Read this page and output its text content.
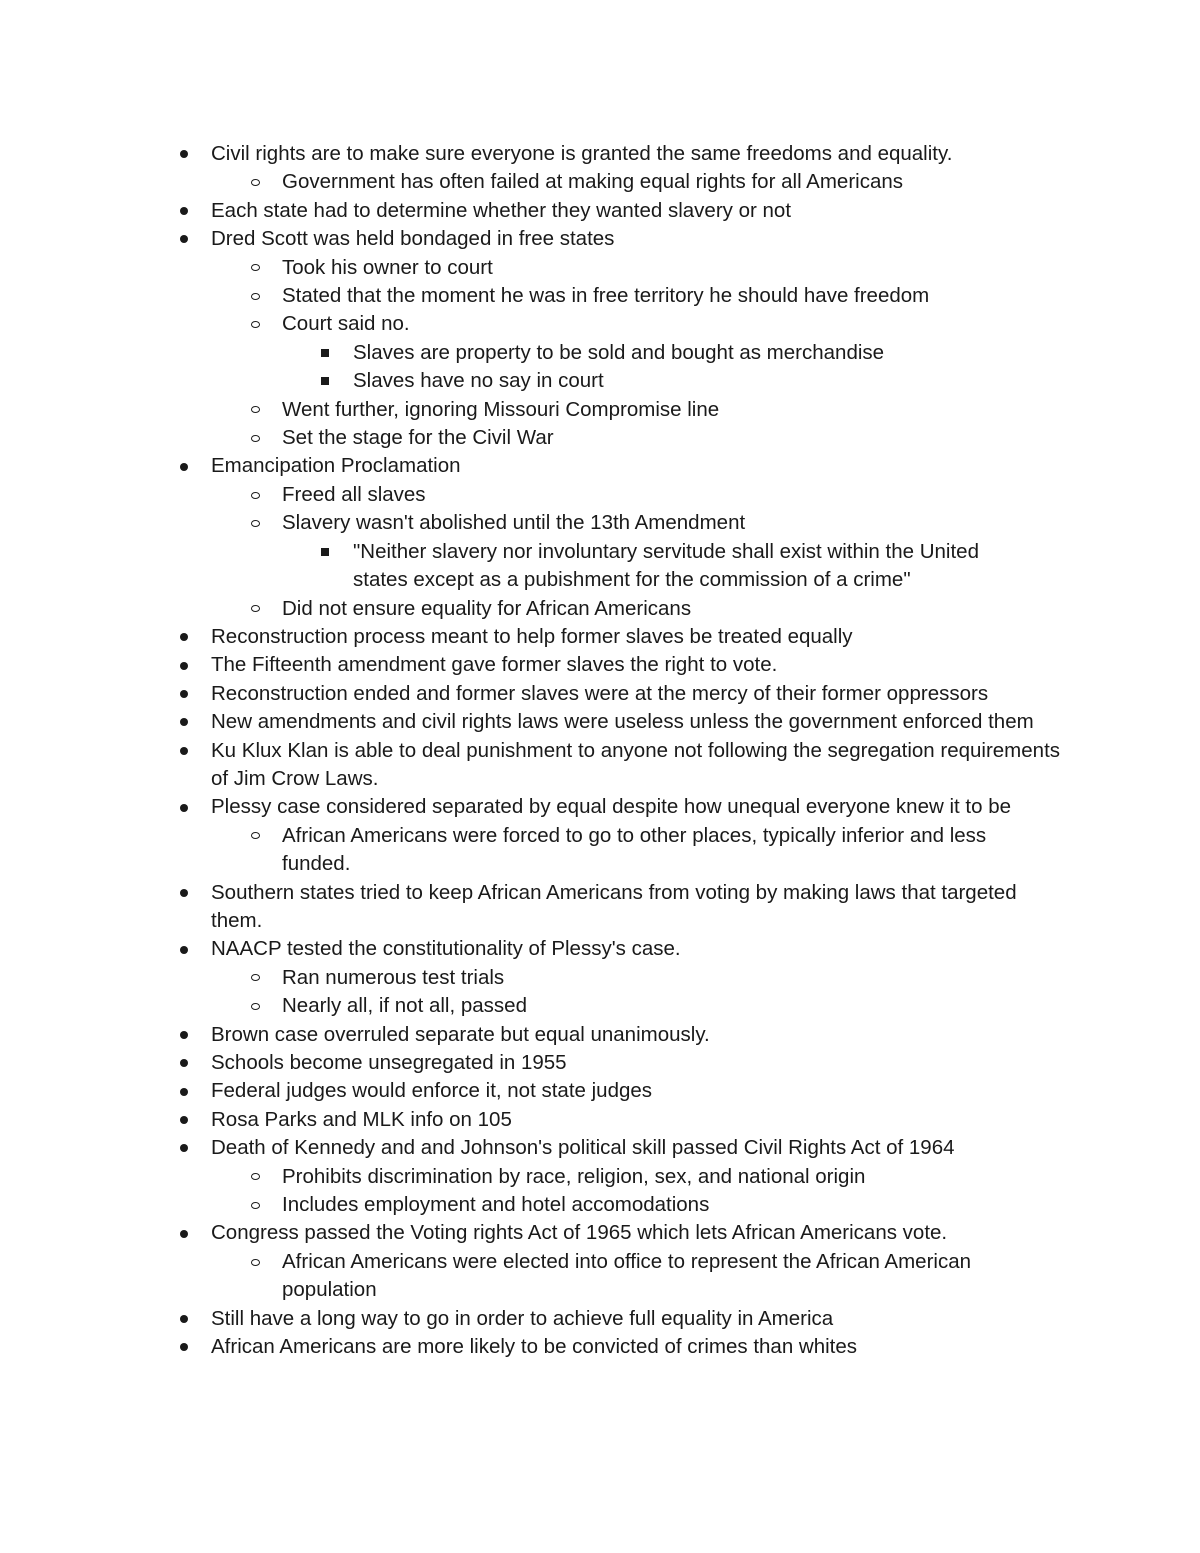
Civil rights are to make sure everyone is granted the same freedoms and equality.
Government has often failed at making equal rights for all Americans
Each state had to determine whether they wanted slavery or not
Dred Scott was held bondaged in free states
Took his owner to court
Stated that the moment he was in free territory he should have freedom
Court said no.
Slaves are property to be sold and bought as merchandise
Slaves have no say in court
Went further, ignoring Missouri Compromise line
Set the stage for the Civil War
Emancipation Proclamation
Freed all slaves
Slavery wasn't abolished until the 13th Amendment
"Neither slavery nor involuntary servitude shall exist within the United states except as a pubishment for the commission of a crime"
Did not ensure equality for African Americans
Reconstruction process meant to help former slaves be treated equally
The Fifteenth amendment gave former slaves the right to vote.
Reconstruction ended and former slaves were at the mercy of their former oppressors
New amendments and civil rights laws were useless unless the government enforced them
Ku Klux Klan is able to deal punishment to anyone not following the segregation requirements of Jim Crow Laws.
Plessy case considered separated by equal despite how unequal everyone knew it to be
African Americans were forced to go to other places, typically inferior and less funded.
Southern states tried to keep African Americans from voting by making laws that targeted them.
NAACP tested the constitutionality of Plessy's case.
Ran numerous test trials
Nearly all, if not all, passed
Brown case overruled separate but equal unanimously.
Schools become unsegregated in 1955
Federal judges would enforce it, not state judges
Rosa Parks and MLK info on 105
Death of Kennedy and and Johnson's political skill passed Civil Rights Act of 1964
Prohibits discrimination by race, religion, sex, and national origin
Includes employment and hotel accomodations
Congress passed the Voting rights Act of 1965 which lets African Americans vote.
African Americans were elected into office to represent the African American population
Still have a long way to go in order to achieve full equality in America
African Americans are more likely to be convicted of crimes than whites
